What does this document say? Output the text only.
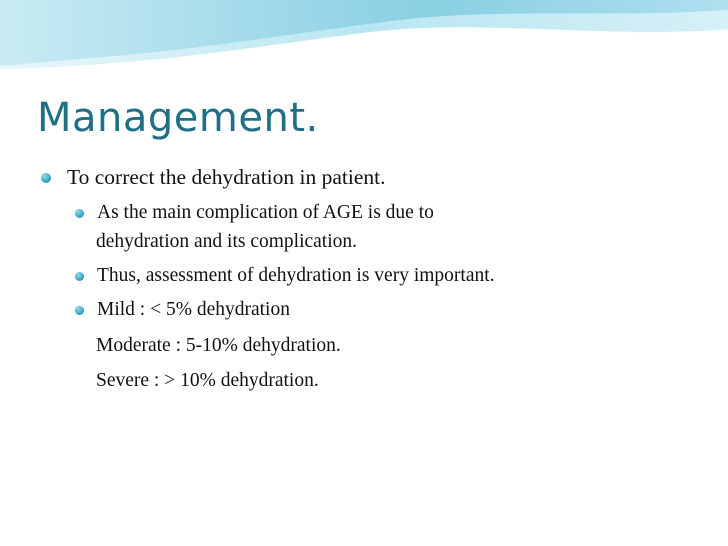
Management.
To correct the dehydration in patient.
As the main complication of AGE is due to
dehydration and its complication.
Thus, assessment of dehydration is very important.
Mild : < 5% dehydration
Moderate : 5-10% dehydration.
Severe : > 10% dehydration.
